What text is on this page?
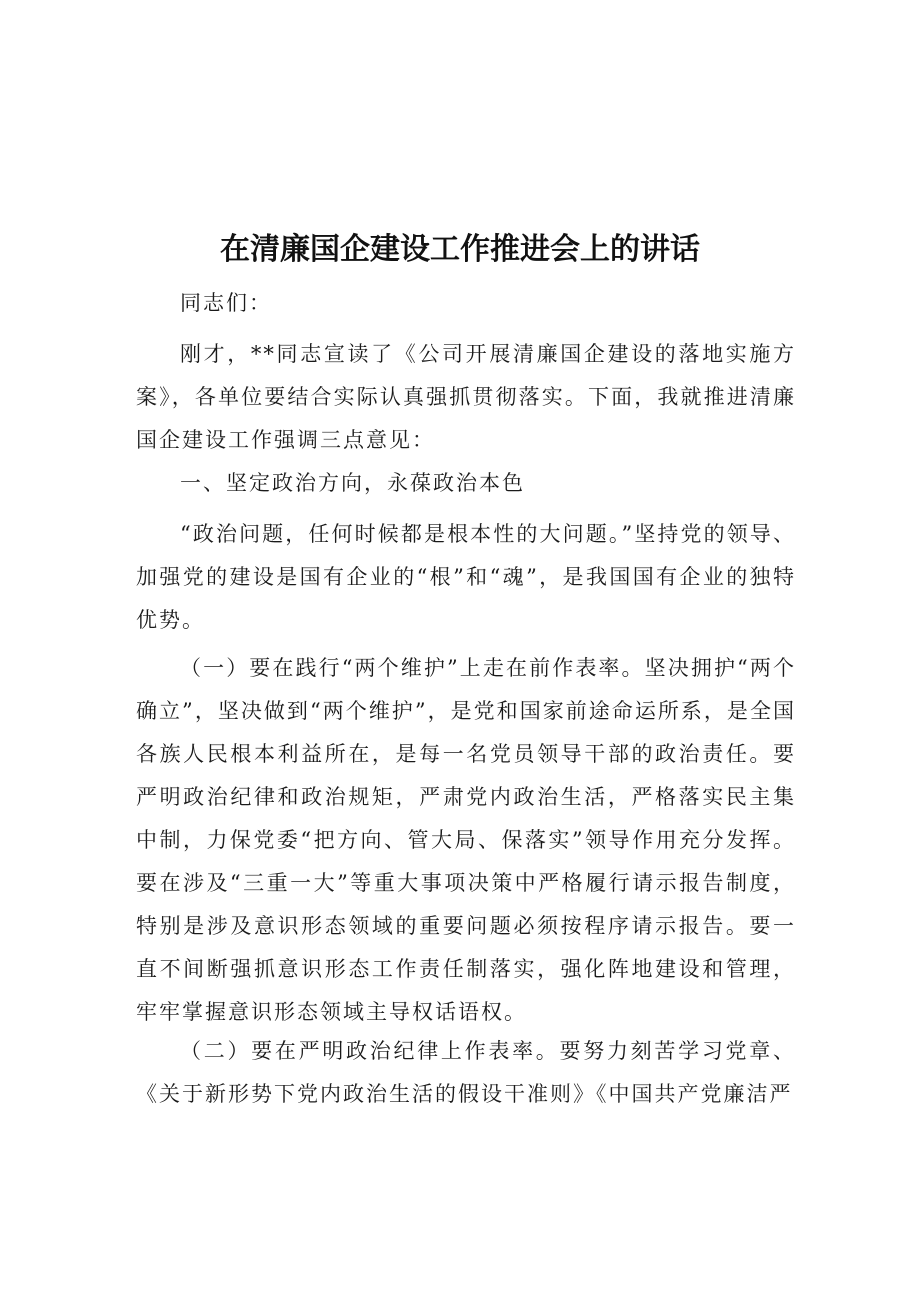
在清廉国企建设工作推进会上的讲话

同志们：

刚才，**同志宣读了《公司开展清廉国企建设的落地实施方案》，各单位要结合实际认真强抓贯彻落实。下面，我就推进清廉国企建设工作强调三点意见：

一、坚定政治方向，永葆政治本色

“政治问题，任何时候都是根本性的大问题。”坚持党的领导、加强党的建设是国有企业的“根”和“魂”，是我国国有企业的独特优势。

（一）要在践行“两个维护”上走在前作表率。坚决拥护“两个确立”，坚决做到“两个维护”，是党和国家前途命运所系，是全国各族人民根本利益所在，是每一名党员领导干部的政治责任。要严明政治纪律和政治规矩，严肃党内政治生活，严格落实民主集中制，力保党委“把方向、管大局、保落实”领导作用充分发挥。要在涉及“三重一大”等重大事项决策中严格履行请示报告制度，特别是涉及意识形态领域的重要问题必须按程序请示报告。要一直不间断强抓意识形态工作责任制落实，强化阵地建设和管理，牢牢掌握意识形态领域主导权话语权。

（二）要在严明政治纪律上作表率。要努力刻苦学习党章、《关于新形势下党内政治生活的假设干准则》《中国共产党廉洁严
